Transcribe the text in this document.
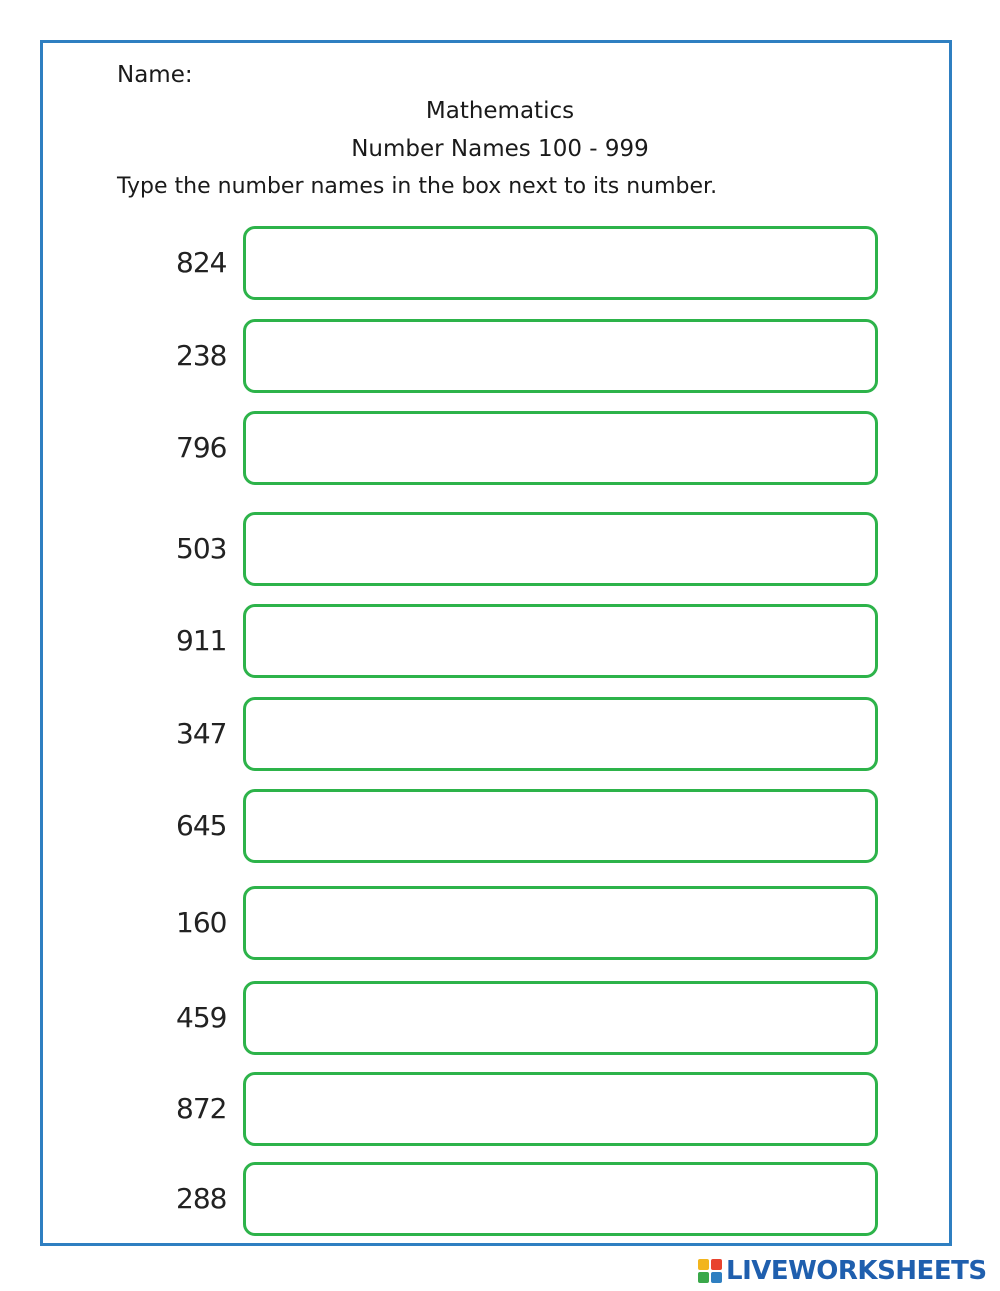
Name:
Mathematics
Number Names 100 - 999
Type the number names in the box next to its number.
824
238
796
503
911
347
645
160
459
872
288
LIVEWORKSHEETS
